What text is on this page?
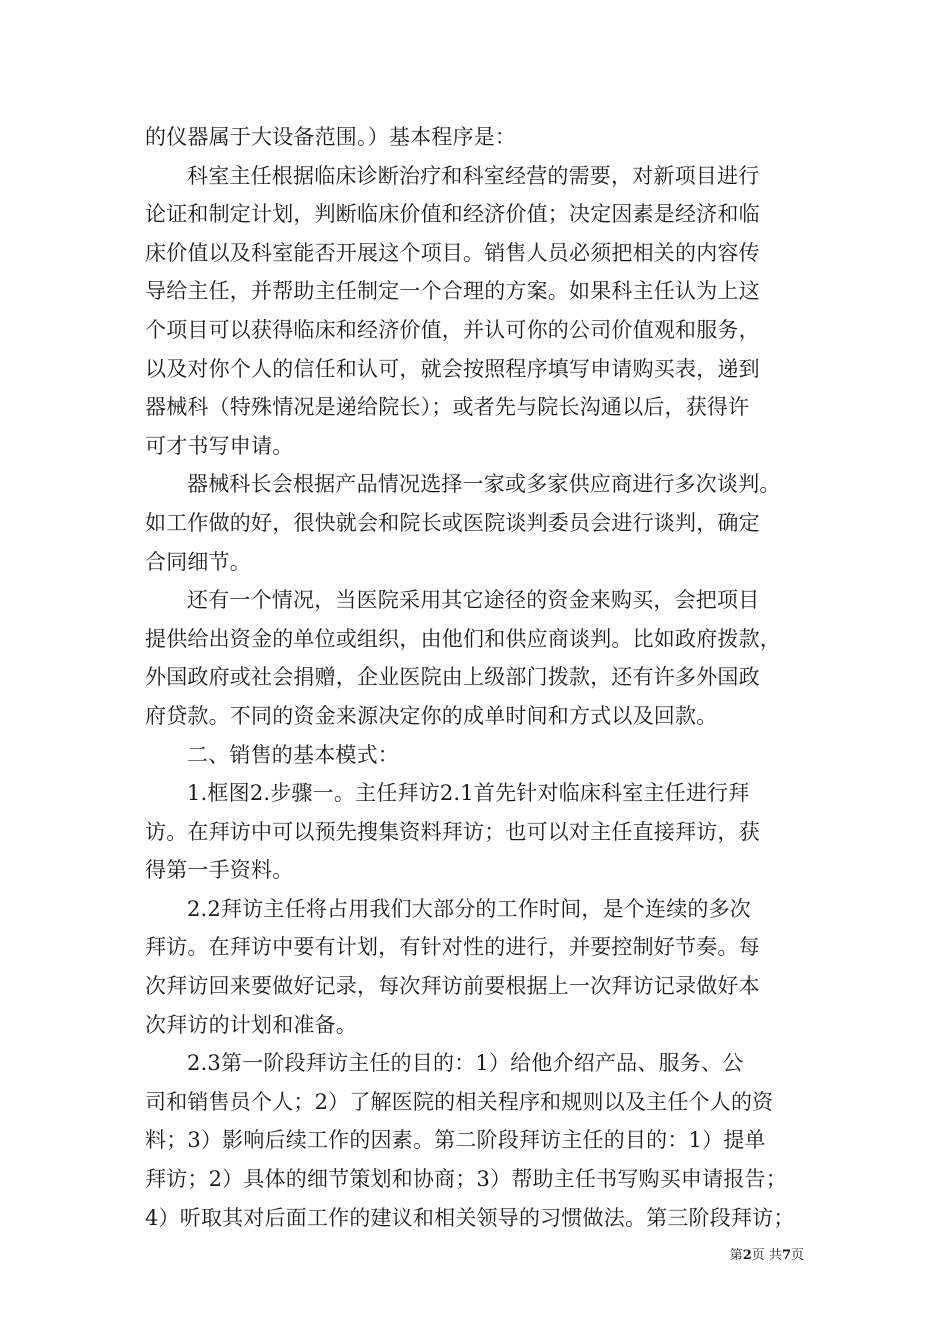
的仪器属于大设备范围。）基本程序是：
科室主任根据临床诊断治疗和科室经营的需要，对新项目进行
论证和制定计划，判断临床价值和经济价值；决定因素是经济和临
床价值以及科室能否开展这个项目。销售人员必须把相关的内容传
导给主任，并帮助主任制定一个合理的方案。如果科主任认为上这
个项目可以获得临床和经济价值，并认可你的公司价值观和服务，
以及对你个人的信任和认可，就会按照程序填写申请购买表，递到
器械科（特殊情况是递给院长）；或者先与院长沟通以后，获得许
可才书写申请。
器械科长会根据产品情况选择一家或多家供应商进行多次谈判。
如工作做的好，很快就会和院长或医院谈判委员会进行谈判，确定
合同细节。
还有一个情况，当医院采用其它途径的资金来购买，会把项目
提供给出资金的单位或组织，由他们和供应商谈判。比如政府拨款，
外国政府或社会捐赠，企业医院由上级部门拨款，还有许多外国政
府贷款。不同的资金来源决定你的成单时间和方式以及回款。
二、销售的基本模式：
1.框图2.步骤一。主任拜访2.1首先针对临床科室主任进行拜
访。在拜访中可以预先搜集资料拜访；也可以对主任直接拜访，获
得第一手资料。
2.2拜访主任将占用我们大部分的工作时间，是个连续的多次
拜访。在拜访中要有计划，有针对性的进行，并要控制好节奏。每
次拜访回来要做好记录，每次拜访前要根据上一次拜访记录做好本
次拜访的计划和准备。
2.3第一阶段拜访主任的目的：1）给他介绍产品、服务、公
司和销售员个人；2）了解医院的相关程序和规则以及主任个人的资
料；3）影响后续工作的因素。第二阶段拜访主任的目的：1）提单
拜访；2）具体的细节策划和协商；3）帮助主任书写购买申请报告；
4）听取其对后面工作的建议和相关领导的习惯做法。第三阶段拜访；
第2页 共7页
